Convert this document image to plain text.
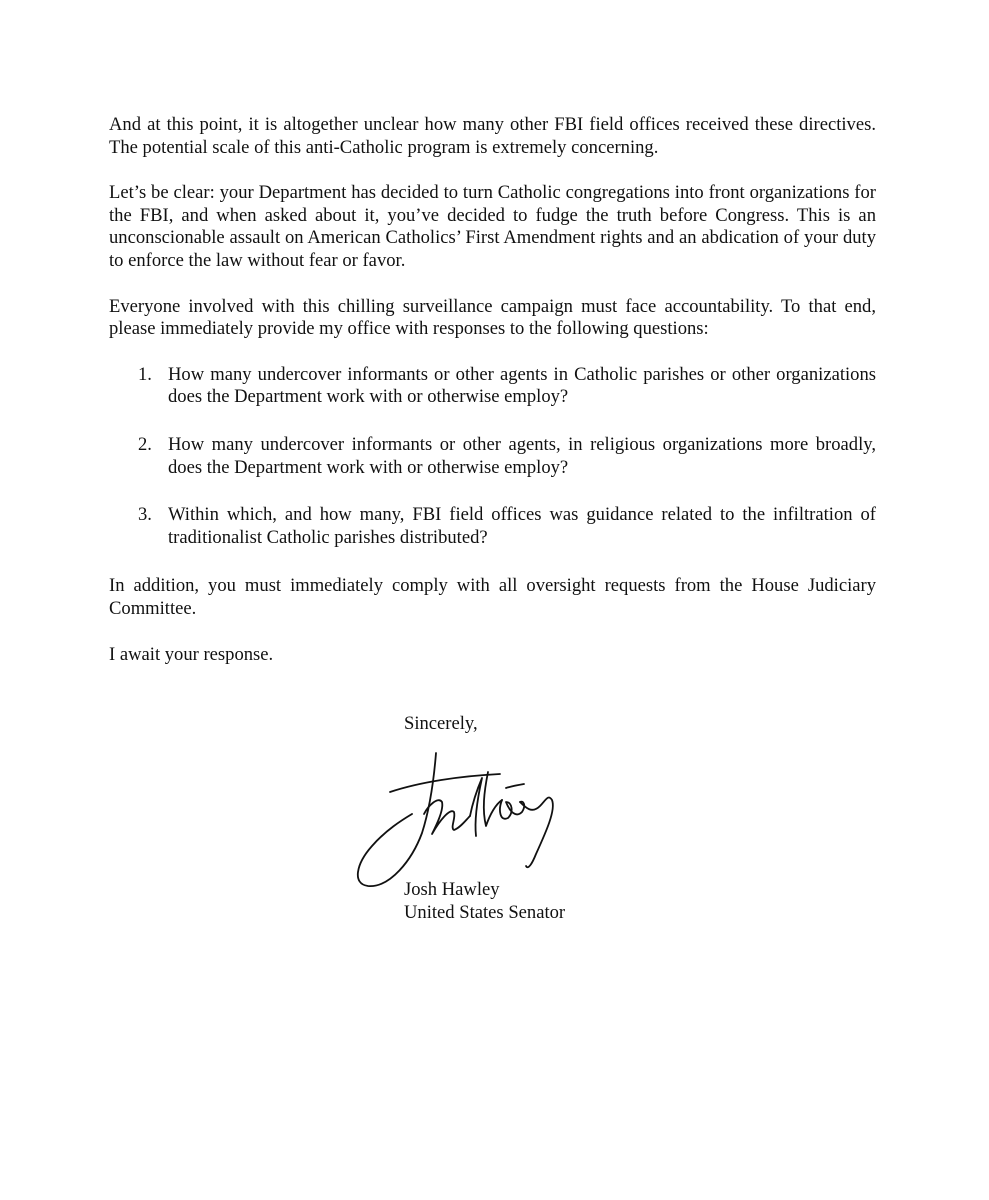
And at this point, it is altogether unclear how many other FBI field offices received these directives. The potential scale of this anti-Catholic program is extremely concerning.

Let’s be clear: your Department has decided to turn Catholic congregations into front organizations for the FBI, and when asked about it, you’ve decided to fudge the truth before Congress. This is an unconscionable assault on American Catholics’ First Amendment rights and an abdication of your duty to enforce the law without fear or favor.

Everyone involved with this chilling surveillance campaign must face accountability. To that end, please immediately provide my office with responses to the following questions:

1. How many undercover informants or other agents in Catholic parishes or other organizations does the Department work with or otherwise employ?
2. How many undercover informants or other agents, in religious organizations more broadly, does the Department work with or otherwise employ?
3. Within which, and how many, FBI field offices was guidance related to the infiltration of traditionalist Catholic parishes distributed?

In addition, you must immediately comply with all oversight requests from the House Judiciary Committee.

I await your response.

Sincerely,
Josh Hawley
United States Senator
